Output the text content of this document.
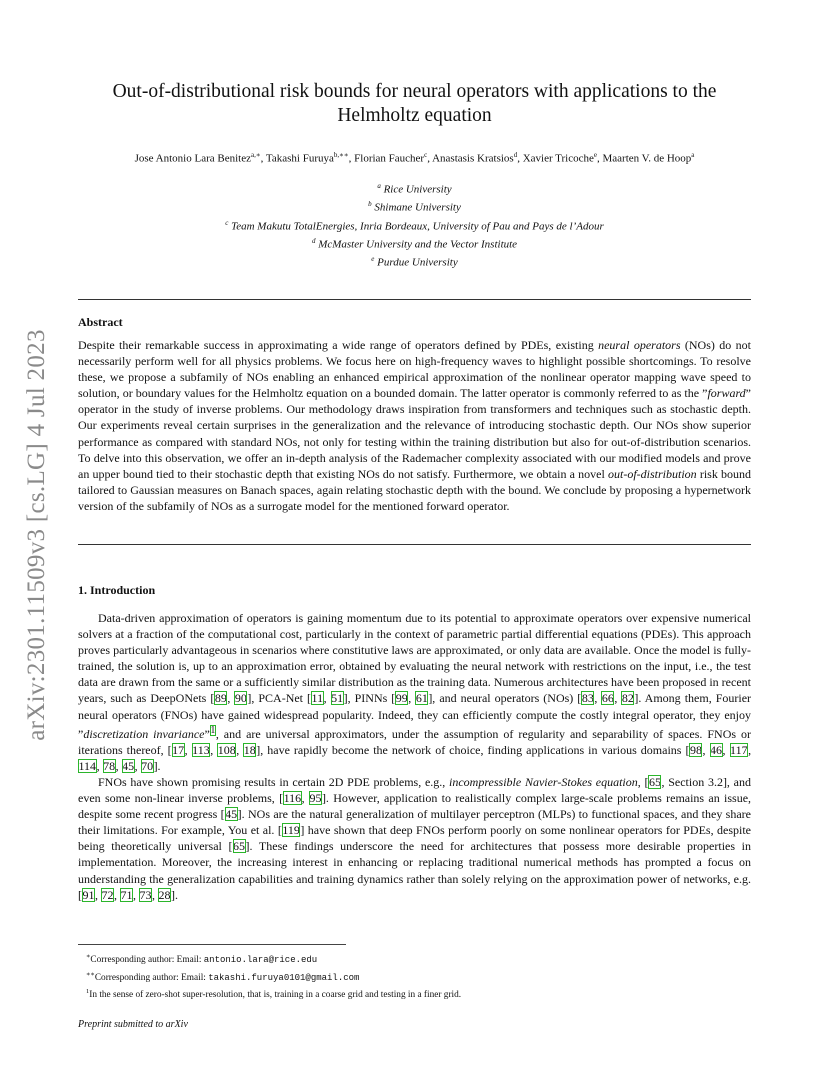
arXiv:2301.11509v3 [cs.LG] 4 Jul 2023
Out-of-distributional risk bounds for neural operators with applications to the Helmholtz equation
Jose Antonio Lara Benitez$^{a,∗}$, Takashi Furuya$^{b,∗∗}$, Florian Faucher$^c$, Anastasis Kratsios$^d$, Xavier Tricoche$^e$, Maarten V. de Hoop$^a$
$^a$ Rice University
$^b$ Shimane University
$^c$ Team Makutu TotalEnergies, Inria Bordeaux, University of Pau and Pays de l’Adour
$^d$ McMaster University and the Vector Institute
$^e$ Purdue University
Abstract
Despite their remarkable success in approximating a wide range of operators defined by PDEs, existing neural operators (NOs) do not necessarily perform well for all physics problems. We focus here on high-frequency waves to highlight possible shortcomings. To resolve these, we propose a subfamily of NOs enabling an enhanced empirical approximation of the nonlinear operator mapping wave speed to solution, or boundary values for the Helmholtz equation on a bounded domain. The latter operator is commonly referred to as the ”forward” operator in the study of inverse problems. Our methodology draws inspiration from transformers and techniques such as stochastic depth. Our experiments reveal certain surprises in the generalization and the relevance of introducing stochastic depth. Our NOs show superior performance as compared with standard NOs, not only for testing within the training distribution but also for out-of-distribution scenarios. To delve into this observation, we offer an in-depth analysis of the Rademacher complexity associated with our modified models and prove an upper bound tied to their stochastic depth that existing NOs do not satisfy. Furthermore, we obtain a novel out-of-distribution risk bound tailored to Gaussian measures on Banach spaces, again relating stochastic depth with the bound. We conclude by proposing a hypernetwork version of the subfamily of NOs as a surrogate model for the mentioned forward operator.
1. Introduction

Data-driven approximation of operators is gaining momentum due to its potential to approximate operators over expensive numerical solvers at a fraction of the computational cost, particularly in the context of parametric partial differential equations (PDEs). This approach proves particularly advantageous in scenarios where constitutive laws are approximated, or only data are available. Once the model is fully-trained, the solution is, up to an approximation error, obtained by evaluating the neural network with restrictions on the input, i.e., the test data are drawn from the same or a sufficiently similar distribution as the training data. Numerous architectures have been proposed in recent years, such as DeepONets [89, 90], PCA-Net [11, 51], PINNs [99, 61], and neural operators (NOs) [83, 66, 82]. Among them, Fourier neural operators (FNOs) have gained widespread popularity. Indeed, they can efficiently compute the costly integral operator, they enjoy ”discretization invariance”$^1$, and are universal approximators, under the assumption of regularity and separability of spaces. FNOs or iterations thereof, [17, 113, 108, 18], have rapidly become the network of choice, finding applications in various domains [98, 46, 117, 114, 78, 45, 70].

FNOs have shown promising results in certain 2D PDE problems, e.g., incompressible Navier-Stokes equation, [65, Section 3.2], and even some non-linear inverse problems, [116, 95]. However, application to realistically complex large-scale problems remains an issue, despite some recent progress [45]. NOs are the natural generalization of multilayer perceptron (MLPs) to functional spaces, and they share their limitations. For example, You et al. [119] have shown that deep FNOs perform poorly on some nonlinear operators for PDEs, despite being theoretically universal [65]. These findings underscore the need for architectures that possess more desirable properties in implementation. Moreover, the increasing interest in enhancing or replacing traditional numerical methods has prompted a focus on understanding the generalization capabilities and training dynamics rather than solely relying on the approximation power of networks, e.g. [91, 72, 71, 73, 28].

∗Corresponding author: Email: antonio.lara@rice.edu
∗∗Corresponding author: Email: takashi.furuya0101@gmail.com
$^1$In the sense of zero-shot super-resolution, that is, training in a coarse grid and testing in a finer grid.
Preprint submitted to arXiv
